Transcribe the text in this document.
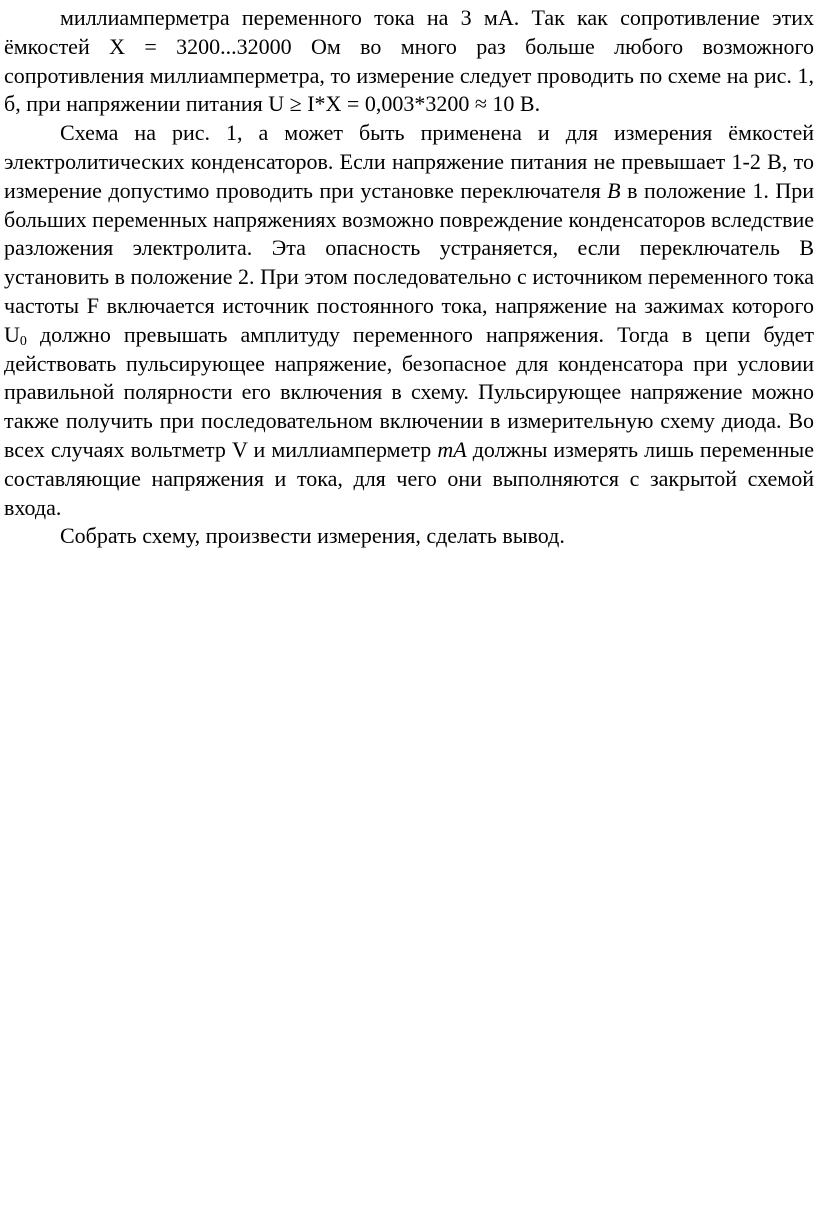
миллиамперметра переменного тока на 3 мА. Так как сопротивление этих ёмкостей X = 3200...32000 Ом во много раз больше любого возможного сопротивления миллиамперметра, то измерение следует проводить по схеме на рис. 1, б, при напряжении питания U ≥ I*X = 0,003*3200 ≈ 10 В.

Схема на рис. 1, а может быть применена и для измерения ёмкостей электролитических конденсаторов. Если напряжение питания не превышает 1-2 В, то измерение допустимо проводить при установке переключателя B в положение 1. При больших переменных напряжениях возможно повреждение конденсаторов вследствие разложения электролита. Эта опасность устраняется, если переключатель В установить в положение 2. При этом последовательно с источником переменного тока частоты F включается источник постоянного тока, напряжение на зажимах которого $U_0$ должно превышать амплитуду переменного напряжения. Тогда в цепи будет действовать пульсирующее напряжение, безопасное для конденсатора при условии правильной полярности его включения в схему. Пульсирующее напряжение можно также получить при последовательном включении в измерительную схему диода. Во всех случаях вольтметр V и миллиамперметр mA должны измерять лишь переменные составляющие напряжения и тока, для чего они выполняются с закрытой схемой входа.

Собрать схему, произвести измерения, сделать вывод.
